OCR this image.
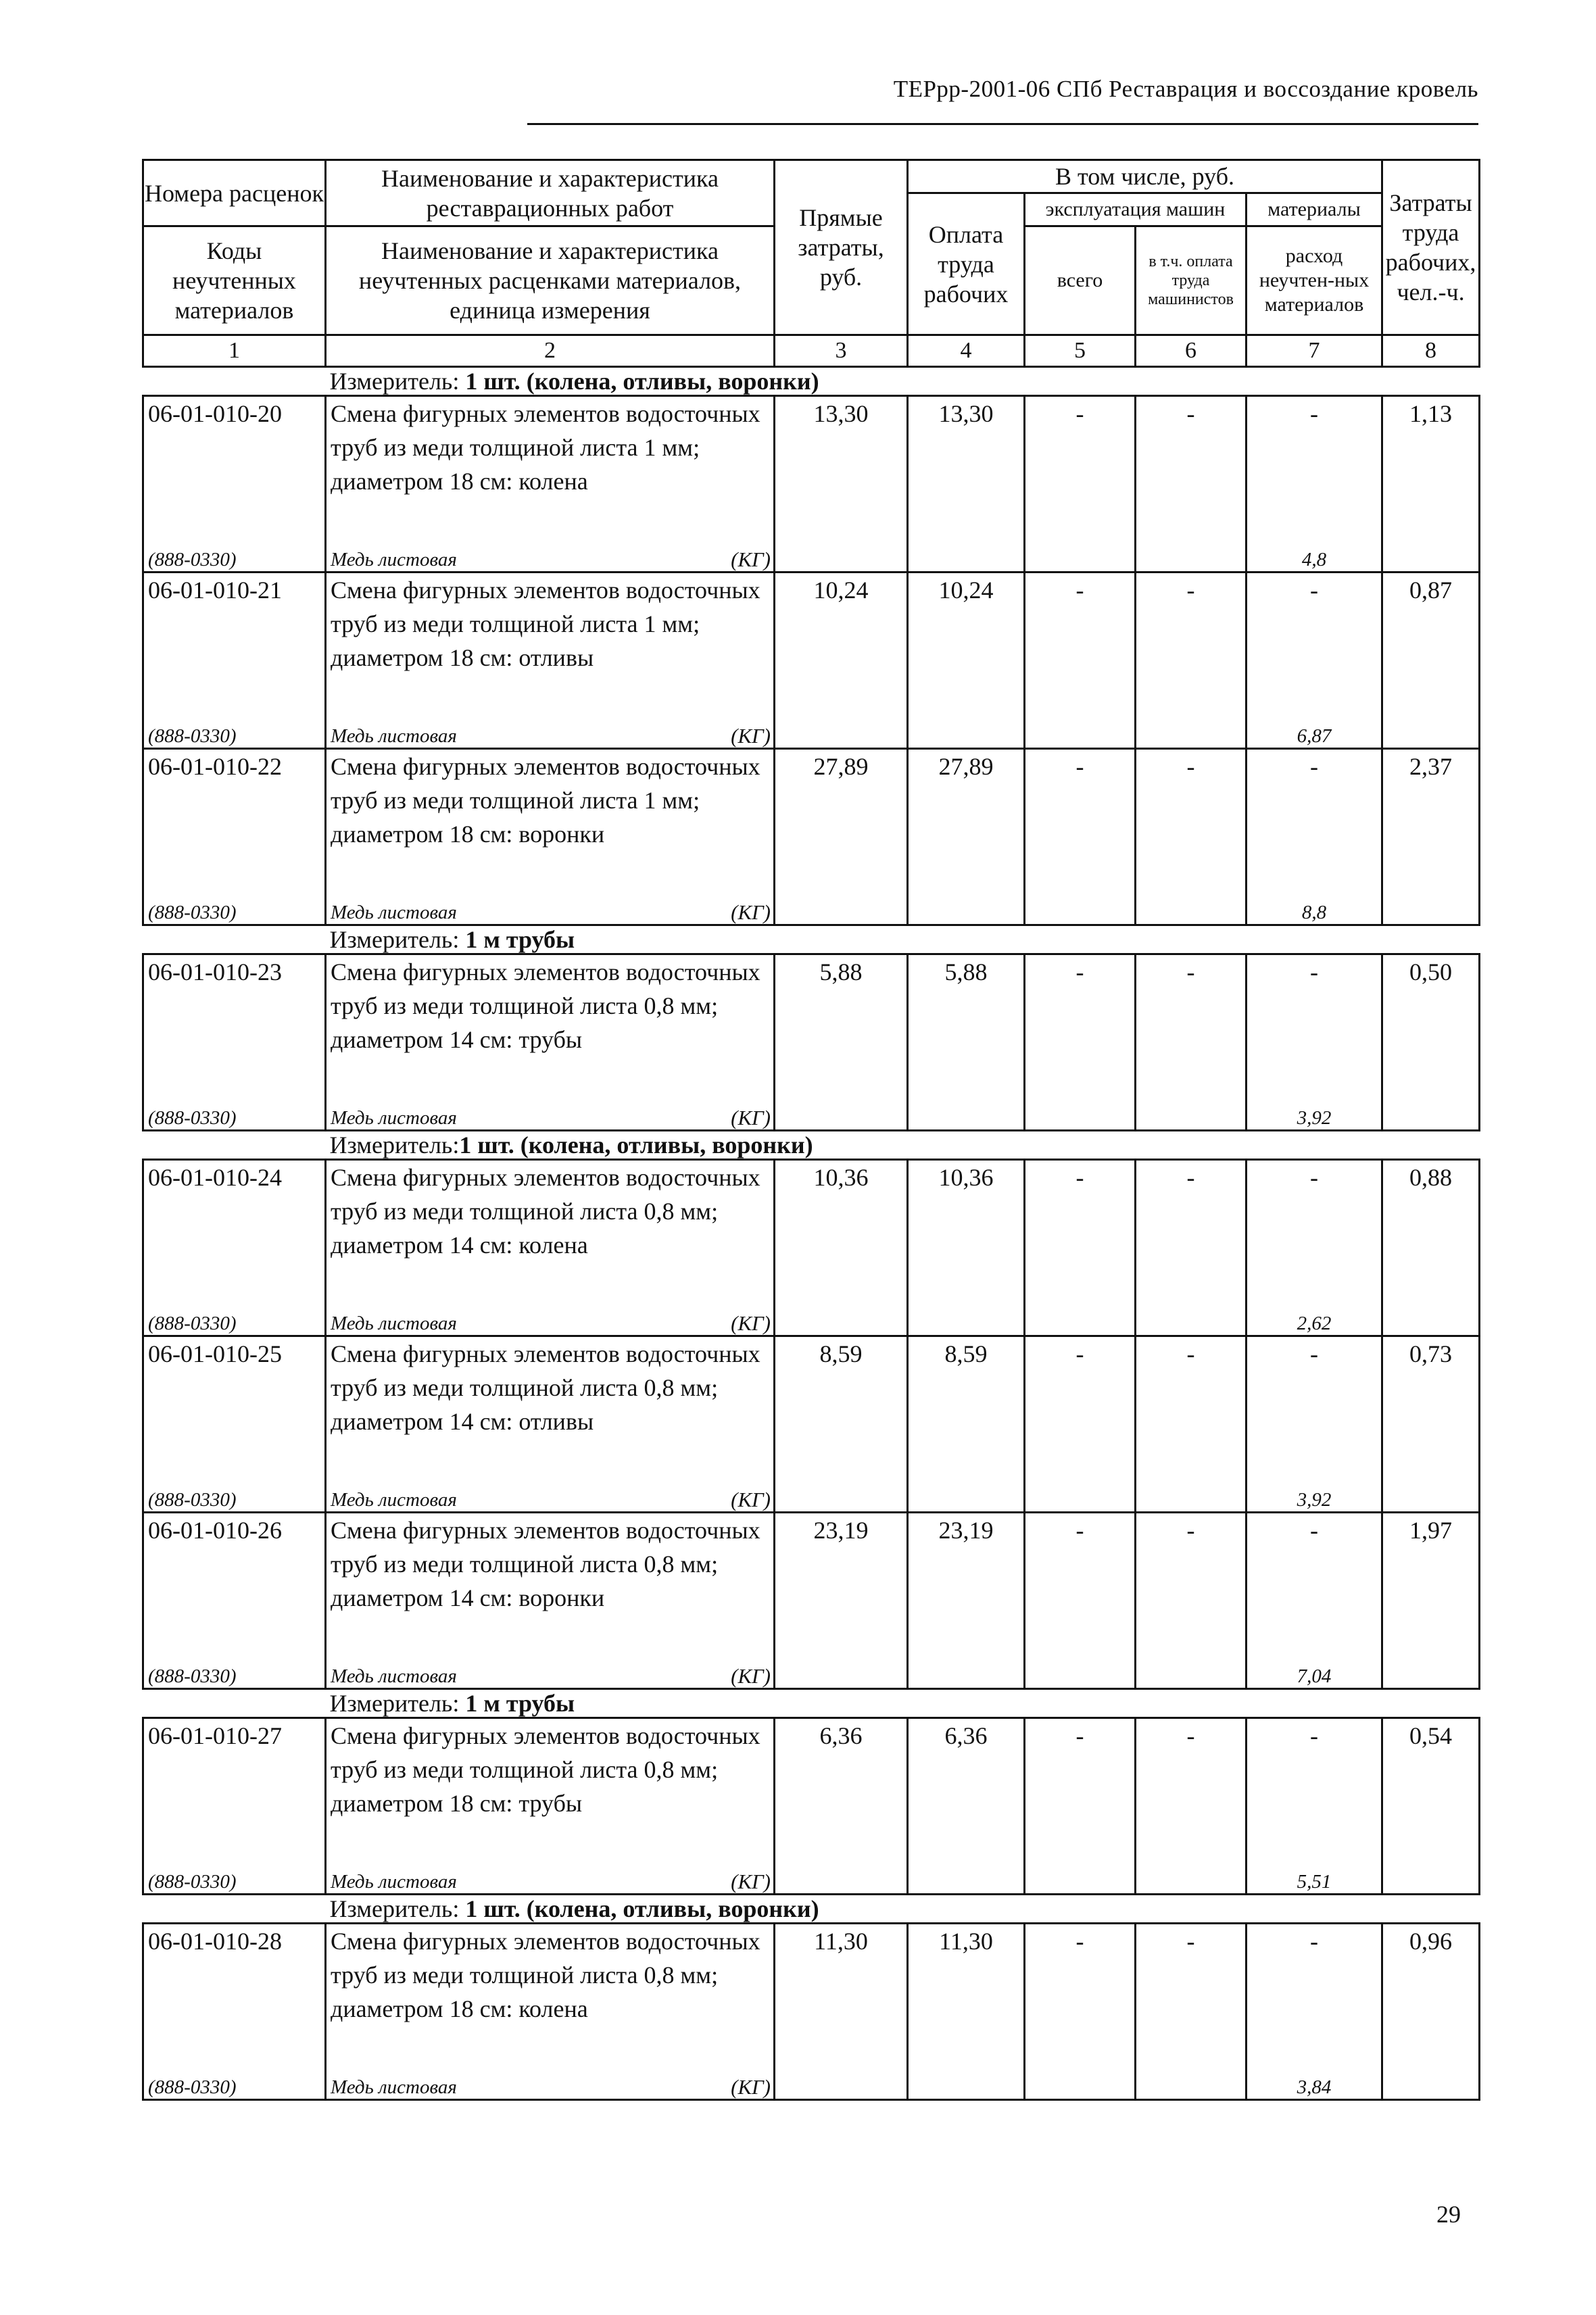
ТЕРрр-2001-06 СПб Реставрация и воссоздание кровель
Номера расценок	Наименование и характеристика реставрационных работ	Прямые затраты, руб.	В том числе, руб.				Затраты труда рабочих, чел.-ч.
			Оплата труда рабочих	эксплуатация машин		материалы	
Коды неучтенных материалов	Наименование и характеристика неучтенных расценками материалов, единица измерения			всего	в т.ч. оплата труда машинистов	расход неучтен-ных материалов	
1	2	3	4	5	6	7	8
	Измеритель: 1 шт. (колена, отливы, воронки)						
06-01-010-20	Смена фигурных элементов водосточных труб из меди толщиной листа 1 мм; диаметром 18 см: колена	13,30	13,30	-	-	-	1,13
(888-0330)	Медь листовая (КГ)					4,8	
06-01-010-21	Смена фигурных элементов водосточных труб из меди толщиной листа 1 мм; диаметром 18 см: отливы	10,24	10,24	-	-	-	0,87
(888-0330)	Медь листовая (КГ)					6,87	
06-01-010-22	Смена фигурных элементов водосточных труб из меди толщиной листа 1 мм; диаметром 18 см: воронки	27,89	27,89	-	-	-	2,37
(888-0330)	Медь листовая (КГ)					8,8	
	Измеритель: 1 м трубы						
06-01-010-23	Смена фигурных элементов водосточных труб из меди толщиной листа 0,8 мм; диаметром 14 см: трубы	5,88	5,88	-	-	-	0,50
(888-0330)	Медь листовая (КГ)					3,92	
	Измеритель:1 шт. (колена, отливы, воронки)						
06-01-010-24	Смена фигурных элементов водосточных труб из меди толщиной листа 0,8 мм; диаметром 14 см: колена	10,36	10,36	-	-	-	0,88
(888-0330)	Медь листовая (КГ)					2,62	
06-01-010-25	Смена фигурных элементов водосточных труб из меди толщиной листа 0,8 мм; диаметром 14 см: отливы	8,59	8,59	-	-	-	0,73
(888-0330)	Медь листовая (КГ)					3,92	
06-01-010-26	Смена фигурных элементов водосточных труб из меди толщиной листа 0,8 мм; диаметром 14 см: воронки	23,19	23,19	-	-	-	1,97
(888-0330)	Медь листовая (КГ)					7,04	
	Измеритель: 1 м трубы						
06-01-010-27	Смена фигурных элементов водосточных труб из меди толщиной листа 0,8 мм; диаметром 18 см: трубы	6,36	6,36	-	-	-	0,54
(888-0330)	Медь листовая (КГ)					5,51	
	Измеритель: 1 шт. (колена, отливы, воронки)						
06-01-010-28	Смена фигурных элементов водосточных труб из меди толщиной листа 0,8 мм; диаметром 18 см: колена	11,30	11,30	-	-	-	0,96
(888-0330)	Медь листовая (КГ)					3,84	
29
